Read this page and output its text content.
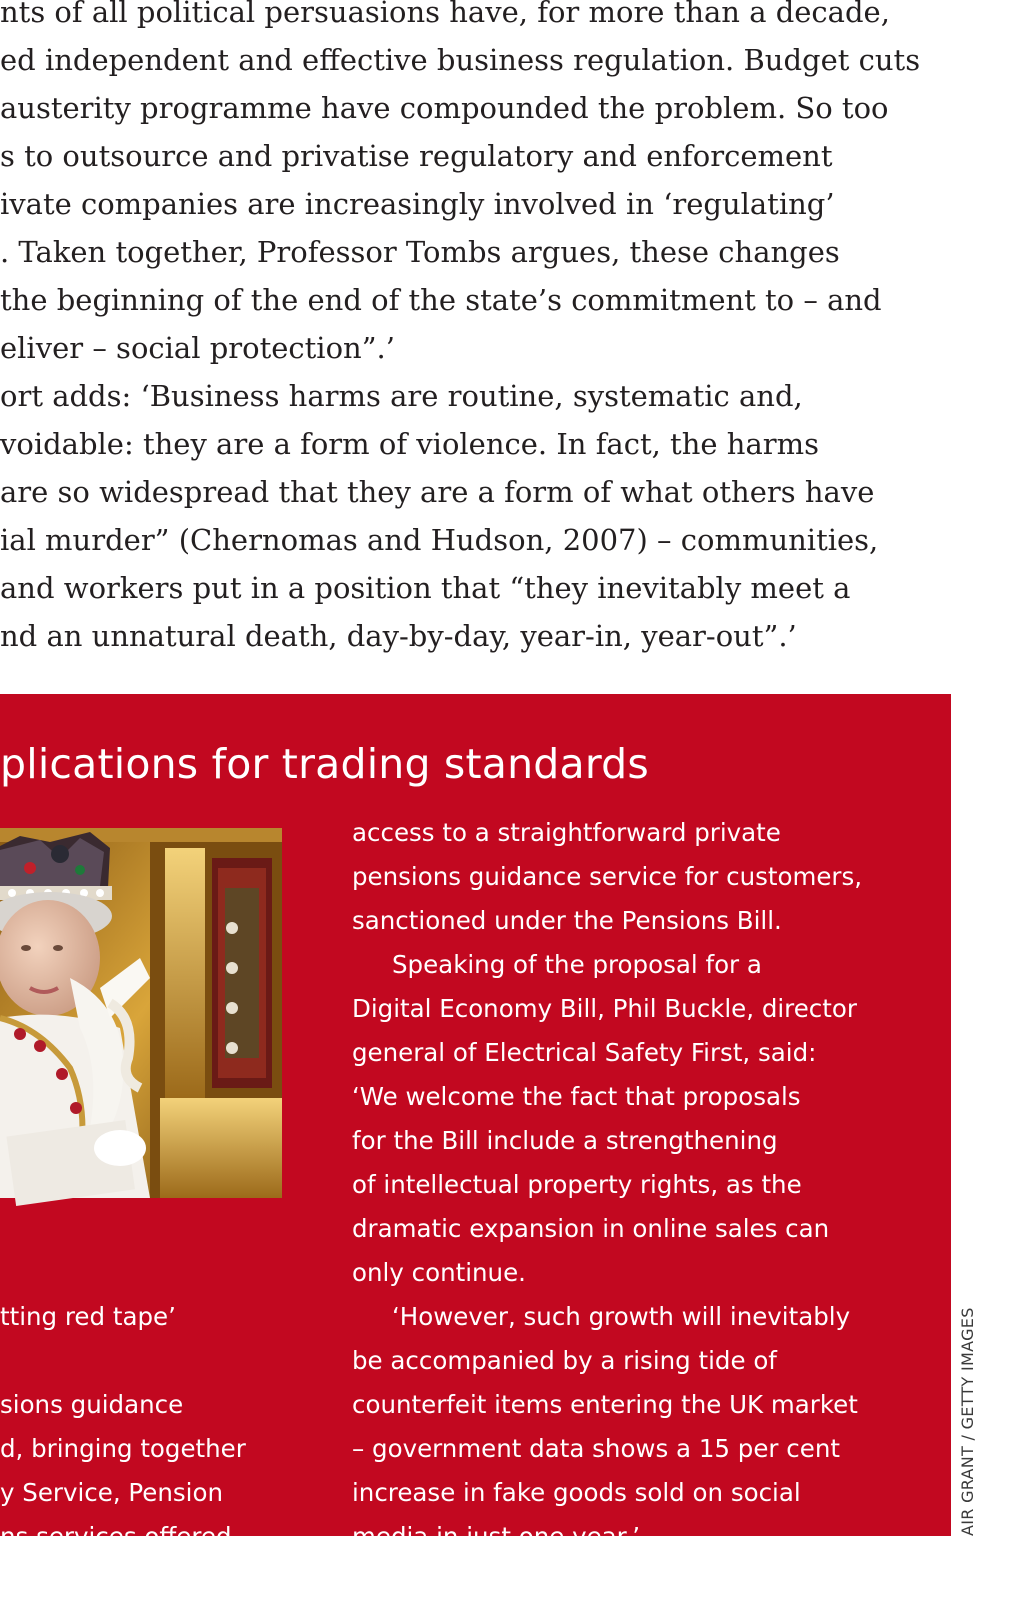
nts of all political persuasions have, for more than a decade,
ed independent and effective business regulation. Budget cuts
austerity programme have compounded the problem. So too
s to outsource and privatise regulatory and enforcement
ivate companies are increasingly involved in ‘regulating’
. Taken together, Professor Tombs argues, these changes
the beginning of the end of the state’s commitment to – and
eliver – social protection”.’
ort adds: ‘Business harms are routine, systematic and,
voidable: they are a form of violence. In fact, the harms
are so widespread that they are a form of what others have
ial murder” (Chernomas and Hudson, 2007) – communities,
and workers put in a position that “they inevitably meet a
nd an unnatural death, day-by-day, year-in, year-out”.’
plications for trading standards
tting red tape’
sions guidance
d, bringing together
y Service, Pension
ns services offered
Service, giving
access to a straightforward private
pensions guidance service for customers,
sanctioned under the Pensions Bill.
Speaking of the proposal for a
Digital Economy Bill, Phil Buckle, director
general of Electrical Safety First, said:
‘We welcome the fact that proposals
for the Bill include a strengthening
of intellectual property rights, as the
dramatic expansion in online sales can
only continue.
‘However, such growth will inevitably
be accompanied by a rising tide of
counterfeit items entering the UK market
– government data shows a 15 per cent
increase in fake goods sold on social
media in just one year.’
AIR GRANT / GETTY IMAGES
